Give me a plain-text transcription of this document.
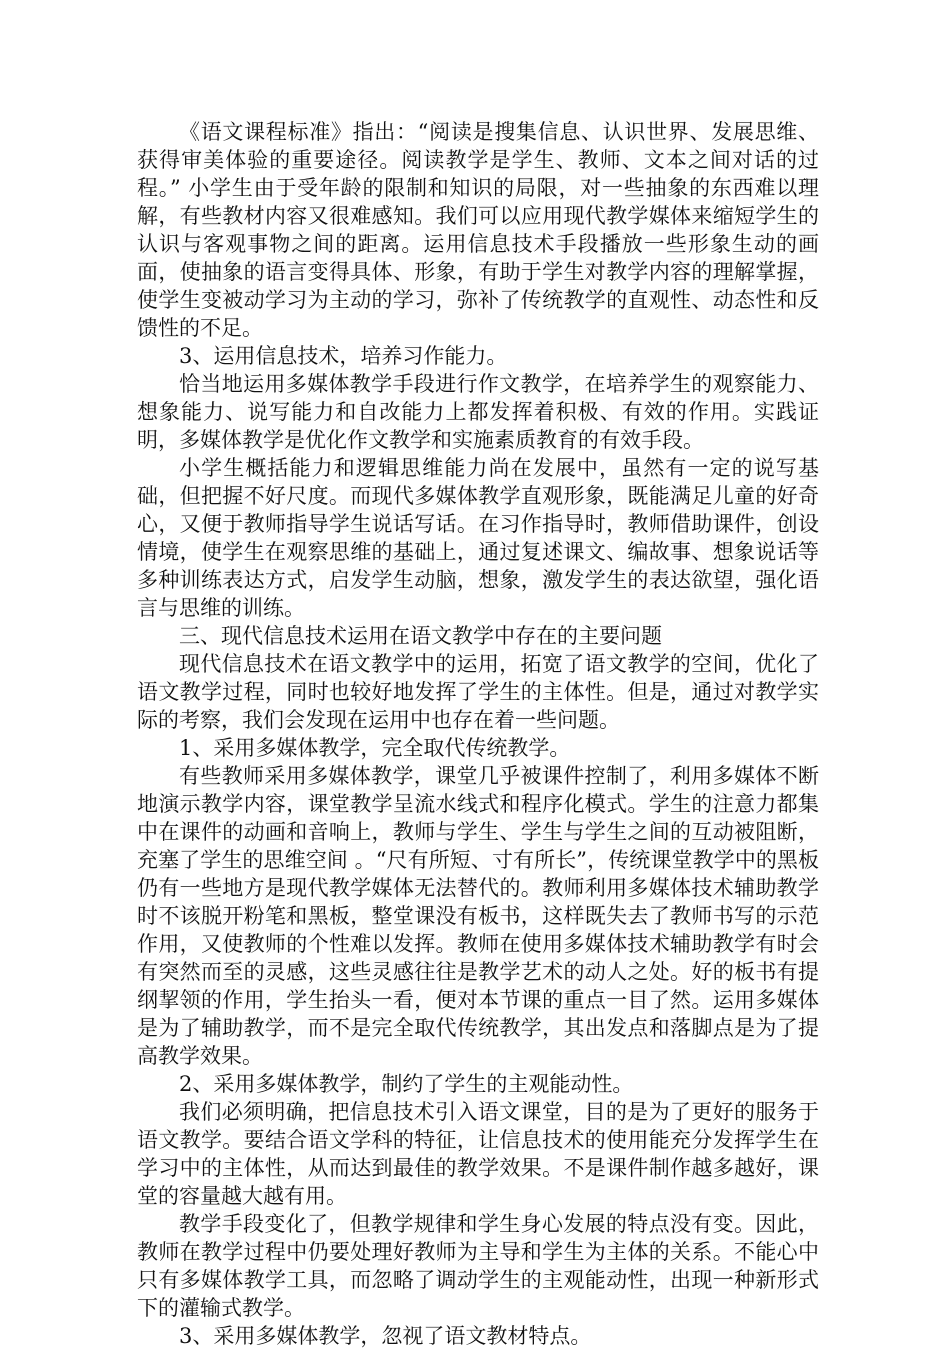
《语文课程标准》指出：“阅读是搜集信息、认识世界、发展思维、获得审美体验的重要途径。阅读教学是学生、教师、文本之间对话的过程。” 小学生由于受年龄的限制和知识的局限，对一些抽象的东西难以理解，有些教材内容又很难感知。我们可以应用现代教学媒体来缩短学生的认识与客观事物之间的距离。运用信息技术手段播放一些形象生动的画面，使抽象的语言变得具体、形象，有助于学生对教学内容的理解掌握，使学生变被动学习为主动的学习，弥补了传统教学的直观性、动态性和反馈性的不足。

3、运用信息技术，培养习作能力。

恰当地运用多媒体教学手段进行作文教学，在培养学生的观察能力、想象能力、说写能力和自改能力上都发挥着积极、有效的作用。实践证明，多媒体教学是优化作文教学和实施素质教育的有效手段。

小学生概括能力和逻辑思维能力尚在发展中，虽然有一定的说写基础，但把握不好尺度。而现代多媒体教学直观形象，既能满足儿童的好奇心，又便于教师指导学生说话写话。在习作指导时，教师借助课件，创设情境，使学生在观察思维的基础上，通过复述课文、编故事、想象说话等多种训练表达方式，启发学生动脑，想象，激发学生的表达欲望，强化语言与思维的训练。

三、现代信息技术运用在语文教学中存在的主要问题

现代信息技术在语文教学中的运用，拓宽了语文教学的空间，优化了语文教学过程，同时也较好地发挥了学生的主体性。但是，通过对教学实际的考察，我们会发现在运用中也存在着一些问题。

1、采用多媒体教学，完全取代传统教学。

有些教师采用多媒体教学，课堂几乎被课件控制了，利用多媒体不断地演示教学内容，课堂教学呈流水线式和程序化模式。学生的注意力都集中在课件的动画和音响上，教师与学生、学生与学生之间的互动被阻断，充塞了学生的思维空间 。“尺有所短、寸有所长”，传统课堂教学中的黑板仍有一些地方是现代教学媒体无法替代的。教师利用多媒体技术辅助教学时不该脱开粉笔和黑板，整堂课没有板书，这样既失去了教师书写的示范作用，又使教师的个性难以发挥。教师在使用多媒体技术辅助教学有时会有突然而至的灵感，这些灵感往往是教学艺术的动人之处。好的板书有提纲挈领的作用，学生抬头一看，便对本节课的重点一目了然。运用多媒体是为了辅助教学，而不是完全取代传统教学，其出发点和落脚点是为了提高教学效果。

2、采用多媒体教学，制约了学生的主观能动性。

我们必须明确，把信息技术引入语文课堂，目的是为了更好的服务于语文教学。要结合语文学科的特征，让信息技术的使用能充分发挥学生在学习中的主体性，从而达到最佳的教学效果。不是课件制作越多越好，课堂的容量越大越有用。

教学手段变化了，但教学规律和学生身心发展的特点没有变。因此，教师在教学过程中仍要处理好教师为主导和学生为主体的关系。不能心中只有多媒体教学工具，而忽略了调动学生的主观能动性，出现一种新形式下的灌输式教学。

3、采用多媒体教学，忽视了语文教材特点。
